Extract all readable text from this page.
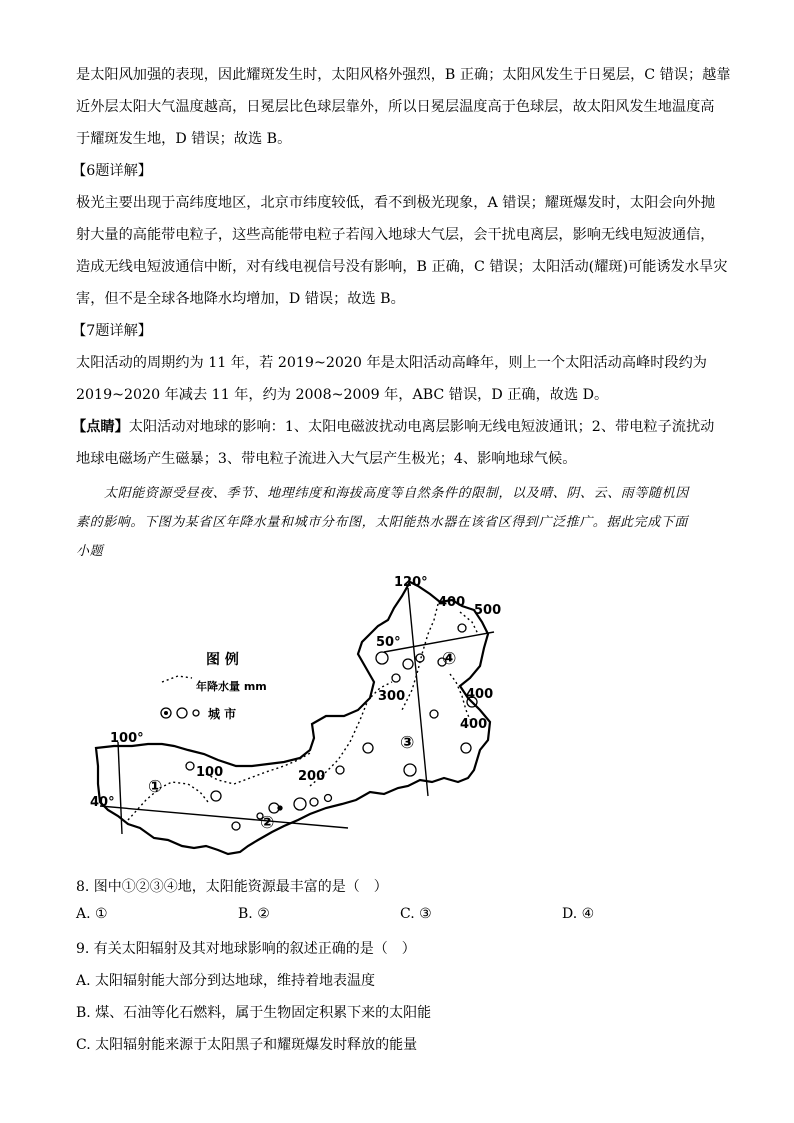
是太阳风加强的表现，因此耀斑发生时，太阳风格外强烈，B 正确；太阳风发生于日冕层，C 错误；越靠
近外层太阳大气温度越高，日冕层比色球层靠外，所以日冕层温度高于色球层，故太阳风发生地温度高
于耀斑发生地，D 错误；故选 B。
【6题详解】
极光主要出现于高纬度地区，北京市纬度较低，看不到极光现象，A 错误；耀斑爆发时，太阳会向外抛
射大量的高能带电粒子，这些高能带电粒子若闯入地球大气层，会干扰电离层，影响无线电短波通信，
造成无线电短波通信中断，对有线电视信号没有影响，B 正确，C 错误；太阳活动(耀斑)可能诱发水旱灾
害，但不是全球各地降水均增加，D 错误；故选 B。
【7题详解】
太阳活动的周期约为 11 年，若 2019~2020 年是太阳活动高峰年，则上一个太阳活动高峰时段约为
2019~2020 年减去 11 年，约为 2008~2009 年，ABC 错误，D 正确，故选 D。
【点睛】太阳活动对地球的影响：1、太阳电磁波扰动电离层影响无线电短波通讯；2、带电粒子流扰动
地球电磁场产生磁暴；3、带电粒子流进入大气层产生极光；4、影响地球气候。
太阳能资源受昼夜、季节、地理纬度和海拔高度等自然条件的限制，以及晴、阴、云、雨等随机因
素的影响。下图为某省区年降水量和城市分布图，太阳能热水器在该省区得到广泛推广。据此完成下面
小题
120°
100°
50°
40°
100	200
300
400
500
400
400
①
②
③
④
图 例
年降水量 mm
城 市
8. 图中①②③④地，太阳能资源最丰富的是（　）
A. ①	B. ②	C. ③	D. ④
9. 有关太阳辐射及其对地球影响的叙述正确的是（　）
A. 太阳辐射能大部分到达地球，维持着地表温度
B. 煤、石油等化石燃料，属于生物固定积累下来的太阳能
C. 太阳辐射能来源于太阳黑子和耀斑爆发时释放的能量
